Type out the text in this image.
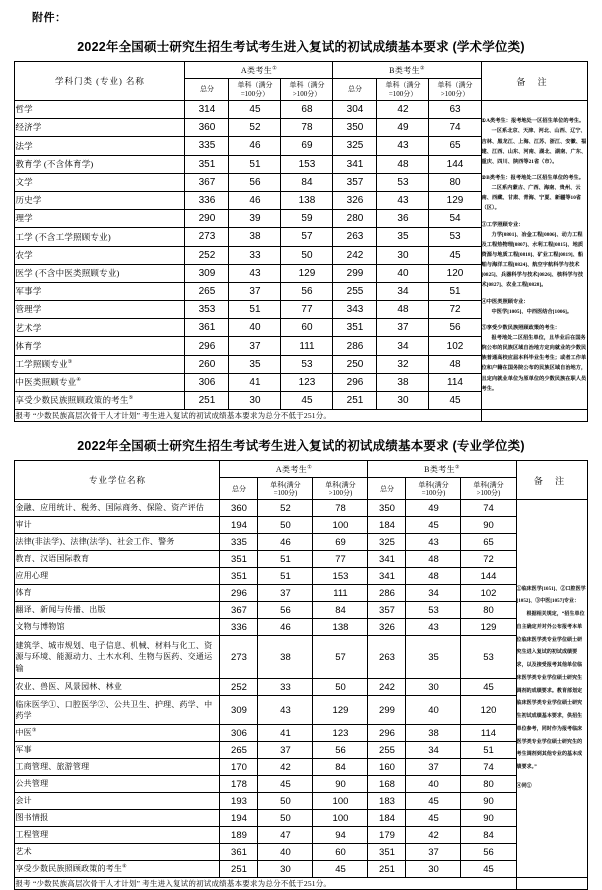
附件：
2022年全国硕士研究生招生考试考生进入复试的初试成绩基本要求 (学术学位类)
学科门类 (专业) 名称	A类考生①			B类考生②			备 注
	总分	单科（满分
=100分）	单科（满分
>100分）	总分	单科（满分
=100分）	单科（满分
>100分）	

哲学	314	45	68	304	42	63	

①A类考生：报考地处一区招生单位的考生。

一区系北京、天津、河北、山西、辽宁、吉林、黑龙江、上海、江苏、浙江、安徽、福建、江西、山东、河南、湖北、湖南、广东、重庆、四川、陕西等21省（市）。

②B类考生：报考地处二区招生单位的考生。

二区系内蒙古、广西、海南、贵州、云南、西藏、甘肃、青海、宁夏、新疆等10省（区）。

③工学照顾专业：

力学[0801]、冶金工程[0806]、动力工程及工程热物理[0807]、水利工程[0815]、地质资源与地质工程[0818]、矿业工程[0819]、船舶与海洋工程[0824]、航空宇航科学与技术[0825]、兵器科学与技术[0826]、核科学与技术[0827]、农业工程[0828]。

④中医类照顾专业：

中医学[1005]、中西医结合[1006]。

⑤享受少数民族照顾政策的考生：

报考地处二区招生单位，且毕业后在国务院公布的民族区域自治地方定向就业的少数民族普通高校应届本科毕业生考生；或者工作单位和户籍在国务院公布的民族区域自治地方，且定向就业单位为原单位的少数民族在职人员考生。

经济学	360	52	78	350	49	74	
法学	335	46	69	325	43	65	
教育学 (不含体育学)	351	51	153	341	48	144	
文学	367	56	84	357	53	80	
历史学	336	46	138	326	43	129	
理学	290	39	59	280	36	54	
工学 (不含工学照顾专业)	273	38	57	263	35	53	
农学	252	33	50	242	30	45	
医学 (不含中医类照顾专业)	309	43	129	299	40	120	
军事学	265	37	56	255	34	51	
管理学	353	51	77	343	48	72	
艺术学	361	40	60	351	37	56	
体育学	296	37	111	286	34	102	
工学照顾专业③	260	35	53	250	32	48	
中医类照顾专业④	306	41	123	296	38	114	
享受少数民族照顾政策的考生⑤	251	30	45	251	30	45	
报考 “少数民族高层次骨干人才计划” 考生进入复试的初试成绩基本要求为总分不低于251分。							
2022年全国硕士研究生招生考试考生进入复试的初试成绩基本要求 (专业学位类)
专业学位名称	A类考生①			B类考生②			备 注
	总分	单科(满分
=100分)	单科(满分
>100分)	总分	单科(满分
=100分)	单科(满分
>100分)	

金融、应用统计、税务、国际商务、保险、资产评估	360	52	78	350	49	74	①临床医学[1051]、②口腔医学[1052]、③中医[1057]专业：

根据相关规定，“招生单位自主确定并对外公布报考本单位临床医学类专业学位硕士研究生进入复试的初试成绩要求，以及接受报考其他单位临床医学类专业学位硕士研究生调剂的成绩要求。教育部划定临床医学类专业学位硕士研究生初试成绩基本要求，供招生单位参考，同时作为报考临床医学类专业学位硕士研究生的考生调剂到其他专业的基本成绩要求。”

④同①

审计	194	50	100	184	45	90	
法律(非法学)、法律(法学)、社会工作、警务	335	46	69	325	43	65	
教育、汉语国际教育	351	51	77	341	48	72	
应用心理	351	51	153	341	48	144	
体育	296	37	111	286	34	102	
翻译、新闻与传播、出版	367	56	84	357	53	80	
文物与博物馆	336	46	138	326	43	129	
建筑学、城市规划、电子信息、机械、材料与化工、资源与环境、能源动力、土木水利、生物与医药、交通运输	273	38	57	263	35	53	
农业、兽医、风景园林、林业	252	33	50	242	30	45	
临床医学①、口腔医学②、公共卫生、护理、药学、中药学	309	43	129	299	40	120	
中医③	306	41	123	296	38	114	
军事	265	37	56	255	34	51	
工商管理、旅游管理	170	42	84	160	37	74	
公共管理	178	45	90	168	40	80	
会计	193	50	100	183	45	90	
图书情报	194	50	100	184	45	90	
工程管理	189	47	94	179	42	84	
艺术	361	40	60	351	37	56	
享受少数民族照顾政策的考生④	251	30	45	251	30	45	
报考 “少数民族高层次骨干人才计划” 考生进入复试的初试成绩基本要求为总分不低于251分。							
